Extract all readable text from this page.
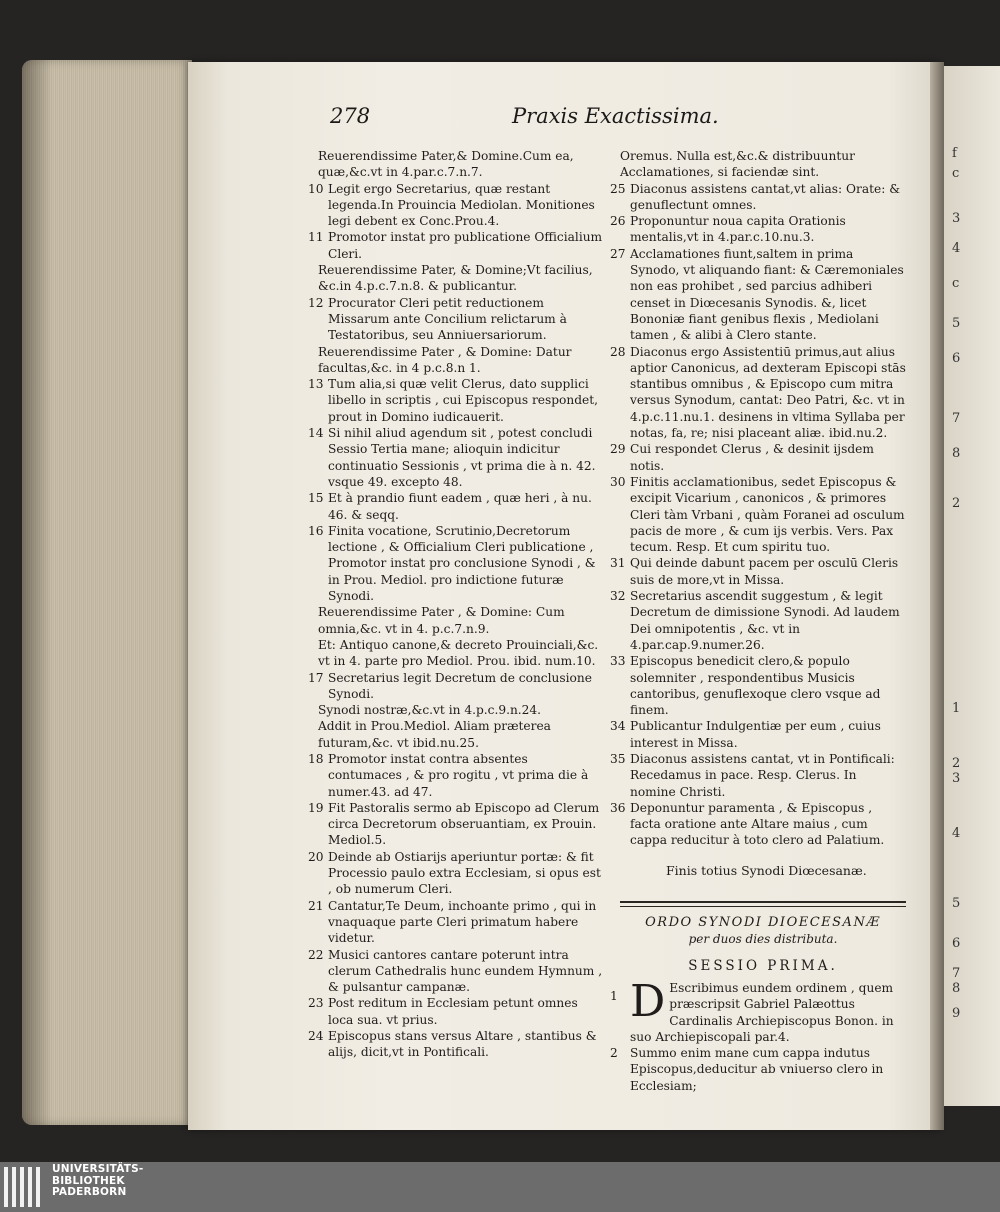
f
c
3
4
c
5
6
7
8
2
1
2
3
4
5
6
7
8
9
278	Praxis Exactissima.
Reuerendissime Pater,& Domine.Cum ea, quæ,&c.vt in 4.par.c.7.n.7.
10 Legit ergo Secretarius, quæ restant legenda.In Prouincia Mediolan. Monitiones legi debent ex Conc.Prou.4.
11 Promotor instat pro publicatione Officialium Cleri.
Reuerendissime Pater, & Domine;Vt facilius, &c.in 4.p.c.7.n.8. & publicantur.
12 Procurator Cleri petit reductionem Missarum ante Concilium relictarum à Testatoribus, seu Anniuersariorum.
Reuerendissime Pater , & Domine: Datur facultas,&c. in 4 p.c.8.n 1.
13 Tum alia,si quæ velit Clerus, dato supplici libello in scriptis , cui Episcopus respondet, prout in Domino iudicauerit.
14 Si nihil aliud agendum sit , potest concludi Sessio Tertia mane; alioquin indicitur continuatio Sessionis , vt prima die à n. 42. vsque 49. excepto 48.
15 Et à prandio fiunt eadem , quæ heri , à nu. 46. & seqq.
16 Finita vocatione, Scrutinio,Decretorum lectione , & Officialium Cleri publicatione , Promotor instat pro conclusione Synodi , & in Prou. Mediol. pro indictione futuræ Synodi.
Reuerendissime Pater , & Domine: Cum omnia,&c. vt in 4. p.c.7.n.9.
Et: Antiquo canone,& decreto Prouinciali,&c. vt in 4. parte pro Mediol. Prou. ibid. num.10.
17 Secretarius legit Decretum de conclusione Synodi.
Synodi nostræ,&c.vt in 4.p.c.9.n.24.
Addit in Prou.Mediol. Aliam præterea futuram,&c. vt ibid.nu.25.
18 Promotor instat contra absentes contumaces , & pro rogitu , vt prima die à numer.43. ad 47.
19 Fit Pastoralis sermo ab Episcopo ad Clerum circa Decretorum obseruantiam, ex Prouin. Mediol.5.
20 Deinde ab Ostiarijs aperiuntur portæ: & fit Processio paulo extra Ecclesiam, si opus est , ob numerum Cleri.
21 Cantatur,Te Deum, inchoante primo , qui in vnaquaque parte Cleri primatum habere videtur.
22 Musici cantores cantare poterunt intra clerum Cathedralis hunc eundem Hymnum , & pulsantur campanæ.
23 Post reditum in Ecclesiam petunt omnes loca sua. vt prius.
24 Episcopus stans versus Altare , stantibus & alijs, dicit,vt in Pontificali.
Oremus. Nulla est,&c.& distribuuntur Acclamationes, si faciendæ sint.
25 Diaconus assistens cantat,vt alias: Orate: & genuflectunt omnes.
26 Proponuntur noua capita Orationis mentalis,vt in 4.par.c.10.nu.3.
27 Acclamationes fiunt,saltem in prima Synodo, vt aliquando fiant: & Cæremoniales non eas prohibet , sed parcius adhiberi censet in Diœcesanis Synodis. &, licet Bononiæ fiant genibus flexis , Mediolani tamen , & alibi à Clero stante.
28 Diaconus ergo Assistentiū primus,aut alius aptior Canonicus, ad dexteram Episcopi stās stantibus omnibus , & Episcopo cum mitra versus Synodum, cantat: Deo Patri, &c. vt in 4.p.c.11.nu.1. desinens in vltima Syllaba per notas, fa, re; nisi placeant aliæ. ibid.nu.2.
29 Cui respondet Clerus , & desinit ijsdem notis.
30 Finitis acclamationibus, sedet Episcopus & excipit Vicarium , canonicos , & primores Cleri tàm Vrbani , quàm Foranei ad osculum pacis de more , & cum ijs verbis. Vers. Pax tecum. Resp. Et cum spiritu tuo.
31 Qui deinde dabunt pacem per osculū Cleris suis de more,vt in Missa.
32 Secretarius ascendit suggestum , & legit Decretum de dimissione Synodi. Ad laudem Dei omnipotentis , &c. vt in 4.par.cap.9.numer.26.
33 Episcopus benedicit clero,& populo solemniter , respondentibus Musicis cantoribus, genuflexoque clero vsque ad finem.
34 Publicantur Indulgentiæ per eum , cuius interest in Missa.
35 Diaconus assistens cantat, vt in Pontificali: Recedamus in pace. Resp. Clerus. In nomine Christi.
36 Deponuntur paramenta , & Episcopus , facta oratione ante Altare maius , cum cappa reducitur à toto clero ad Palatium.
Finis totius Synodi Diœcesanæ.
ORDO SYNODI DIOECESANÆ
per duos dies distributa.
SESSIO PRIMA.
1 D Escribimus eundem ordinem , quem præscripsit Gabriel Palæottus Cardinalis Archiepiscopus Bonon. in suo Archiepiscopali par.4.
2	Summo enim mane cum cappa indutus Episcopus,deducitur ab vniuerso clero in Ecclesiam;
UNIVERSITÄTS-
BIBLIOTHEK
PADERBORN
